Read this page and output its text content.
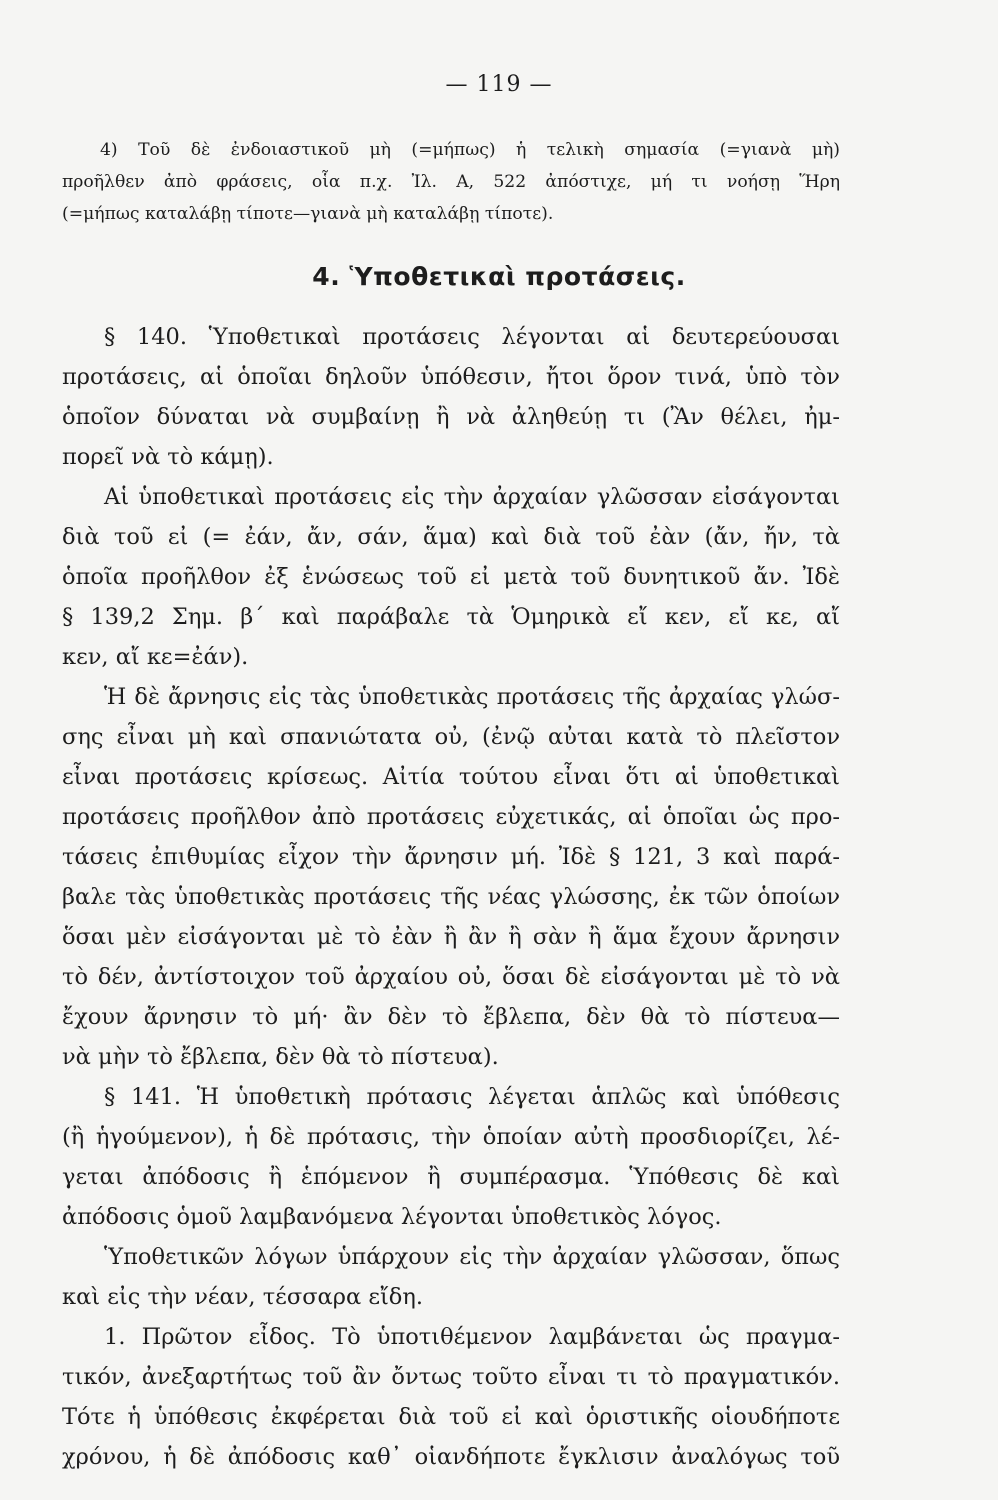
— 119 —
4) Τοῦ δὲ ἐνδοιαστικοῦ μὴ (=μήπως) ἡ τελικὴ σημασία (=γιανὰ μὴ)
προῆλθεν ἀπὸ φράσεις, οἷα π.χ. Ἰλ. Α, 522 ἀπόστιχε, μή τι νοήσῃ Ἥρη
(=μήπως καταλάβῃ τίποτε—γιανὰ μὴ καταλάβῃ τίποτε).
4. Ὑποθετικαὶ προτάσεις.
§ 140. Ὑποθετικαὶ προτάσεις λέγονται αἱ δευτερεύουσαι
προτάσεις, αἱ ὁποῖαι δηλοῦν ὑπόθεσιν, ἤτοι ὅρον τινά, ὑπὸ τὸν
ὁποῖον δύναται νὰ συμβαίνῃ ἢ νὰ ἀληθεύῃ τι (Ἂν θέλει, ἠμ-
πορεῖ νὰ τὸ κάμῃ).
Αἱ ὑποθετικαὶ προτάσεις εἰς τὴν ἀρχαίαν γλῶσσαν εἰσάγονται
διὰ τοῦ εἰ (= ἐάν, ἄν, σάν, ἅμα) καὶ διὰ τοῦ ἐὰν (ἄν, ἤν, τὰ
ὁποῖα προῆλθον ἐξ ἑνώσεως τοῦ εἰ μετὰ τοῦ δυνητικοῦ ἄν. Ἰδὲ
§ 139,2 Σημ. β΄ καὶ παράβαλε τὰ Ὁμηρικὰ εἴ κεν, εἴ κε, αἴ
κεν, αἴ κε=ἐάν).
Ἡ δὲ ἄρνησις εἰς τὰς ὑποθετικὰς προτάσεις τῆς ἀρχαίας γλώσ-
σης εἶναι μὴ καὶ σπανιώτατα οὐ, (ἐνῷ αὐται κατὰ τὸ πλεῖστον
εἶναι προτάσεις κρίσεως. Αἰτία τούτου εἶναι ὅτι αἱ ὑποθετικαὶ
προτάσεις προῆλθον ἀπὸ προτάσεις εὐχετικάς, αἱ ὁποῖαι ὡς προ-
τάσεις ἐπιθυμίας εἶχον τὴν ἄρνησιν μή. Ἰδὲ § 121, 3 καὶ παρά-
βαλε τὰς ὑποθετικὰς προτάσεις τῆς νέας γλώσσης, ἐκ τῶν ὁποίων
ὅσαι μὲν εἰσάγονται μὲ τὸ ἐὰν ἢ ἂν ἢ σὰν ἢ ἅμα ἔχουν ἄρνησιν
τὸ δέν, ἀντίστοιχον τοῦ ἀρχαίου οὐ, ὅσαι δὲ εἰσάγονται μὲ τὸ νὰ
ἔχουν ἄρνησιν τὸ μή· ἂν δὲν τὸ ἔβλεπα, δὲν θὰ τὸ πίστευα—
νὰ μὴν τὸ ἔβλεπα, δὲν θὰ τὸ πίστευα).
§ 141. Ἡ ὑποθετικὴ πρότασις λέγεται ἁπλῶς καὶ ὑπόθεσις
(ἢ ἡγούμενον), ἡ δὲ πρότασις, τὴν ὁποίαν αὐτὴ προσδιορίζει, λέ-
γεται ἀπόδοσις ἢ ἑπόμενον ἢ συμπέρασμα. Ὑπόθεσις δὲ καὶ
ἀπόδοσις ὁμοῦ λαμβανόμενα λέγονται ὑποθετικὸς λόγος.
Ὑποθετικῶν λόγων ὑπάρχουν εἰς τὴν ἀρχαίαν γλῶσσαν, ὅπως
καὶ εἰς τὴν νέαν, τέσσαρα εἴδη.
1. Πρῶτον εἶδος. Τὸ ὑποτιθέμενον λαμβάνεται ὡς πραγμα-
τικόν, ἀνεξαρτήτως τοῦ ἂν ὄντως τοῦτο εἶναι τι τὸ πραγματικόν.
Τότε ἡ ὑπόθεσις ἐκφέρεται διὰ τοῦ εἰ καὶ ὁριστικῆς οἱουδήποτε
χρόνου, ἡ δὲ ἀπόδοσις καθ᾽ οἱανδήποτε ἔγκλισιν ἀναλόγως τοῦ
